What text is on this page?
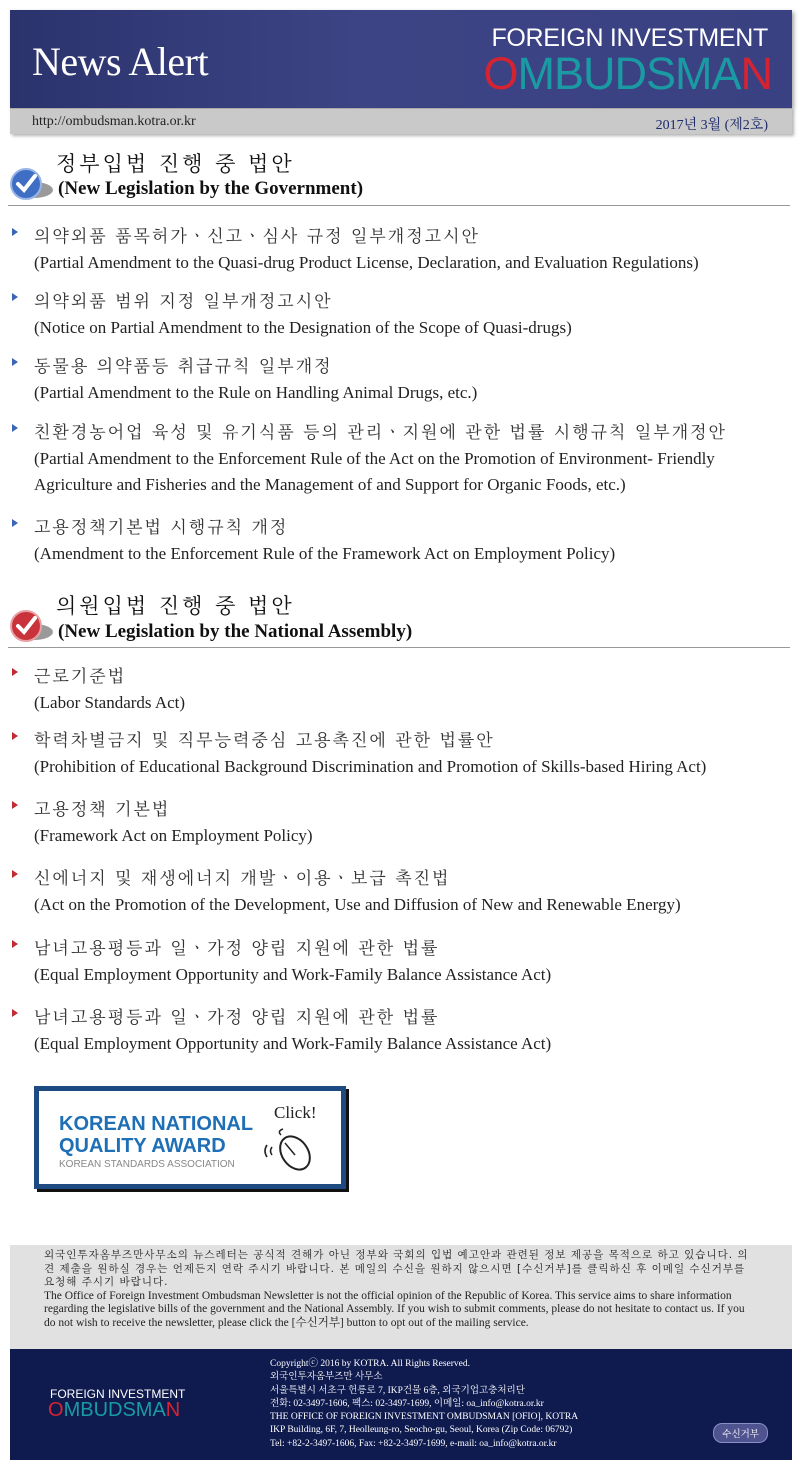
News Alert
FOREIGN INVESTMENT
OMBUDSMAN
http://ombudsman.kotra.or.kr	2017년 3월 (제2호)
정부입법 진행 중 법안
(New Legislation by the Government)
의약외품 품목허가ㆍ신고ㆍ심사 규정 일부개정고시안
(Partial Amendment to the Quasi-drug Product License, Declaration, and Evaluation Regulations)
의약외품 범위 지정 일부개정고시안
(Notice on Partial Amendment to the Designation of the Scope of Quasi-drugs)
동물용 의약품등 취급규칙 일부개정
(Partial Amendment to the Rule on Handling Animal Drugs, etc.)
친환경농어업 육성 및 유기식품 등의 관리ㆍ지원에 관한 법률 시행규칙 일부개정안
(Partial Amendment to the Enforcement Rule of the Act on the Promotion of Environment- Friendly Agriculture and Fisheries and the Management of and Support for Organic Foods, etc.)
고용정책기본법 시행규칙 개정
(Amendment to the Enforcement Rule of the Framework Act on Employment Policy)
의원입법 진행 중 법안
(New Legislation by the National Assembly)
근로기준법
(Labor Standards Act)
학력차별금지 및 직무능력중심 고용촉진에 관한 법률안
(Prohibition of Educational Background Discrimination and Promotion of Skills-based Hiring Act)
고용정책 기본법
(Framework Act on Employment Policy)
신에너지 및 재생에너지 개발ㆍ이용ㆍ보급 촉진법
(Act on the Promotion of the Development, Use and Diffusion of New and Renewable Energy)
남녀고용평등과 일ㆍ가정 양립 지원에 관한 법률
(Equal Employment Opportunity and Work-Family Balance Assistance Act)
남녀고용평등과 일ㆍ가정 양립 지원에 관한 법률
(Equal Employment Opportunity and Work-Family Balance Assistance Act)
KOREAN NATIONAL
QUALITY AWARD
KOREAN STANDARDS ASSOCIATION
Click!

외국인투자옴부즈만사무소의 뉴스레터는 공식적 견해가 아닌 정부와 국회의 입법 예고안과 관련된 정보 제공을 목적으로 하고 있습니다. 의견 제출을 원하실 경우는 언제든지 연락 주시기 바랍니다. 본 메일의 수신을 원하지 않으시면 [수신거부]를 클릭하신 후 이메일 수신거부를 요청해 주시기 바랍니다.

The Office of Foreign Investment Ombudsman Newsletter is not the official opinion of the Republic of Korea. This service aims to share information regarding the legislative bills of the government and the National Assembly. If you wish to submit comments, please do not hesitate to contact us. If you do not wish to receive the newsletter, please click the [수신거부] button to opt out of the mailing service.

FOREIGN INVESTMENT
OMBUDSMAN
Copyrightⓒ 2016 by KOTRA. All Rights Reserved.
외국인투자옴부즈만 사무소
서울특별시 서초구 헌릉로 7, IKP건물 6층, 외국기업고충처리단
전화: 02-3497-1606, 팩스: 02-3497-1699, 이메일: oa_info@kotra.or.kr
THE OFFICE OF FOREIGN INVESTMENT OMBUDSMAN [OFIO], KOTRA
IKP Building, 6F, 7, Heolleung-ro, Seocho-gu, Seoul, Korea (Zip Code: 06792)
Tel: +82-2-3497-1606, Fax: +82-2-3497-1699, e-mail: oa_info@kotra.or.kr
수신거부
